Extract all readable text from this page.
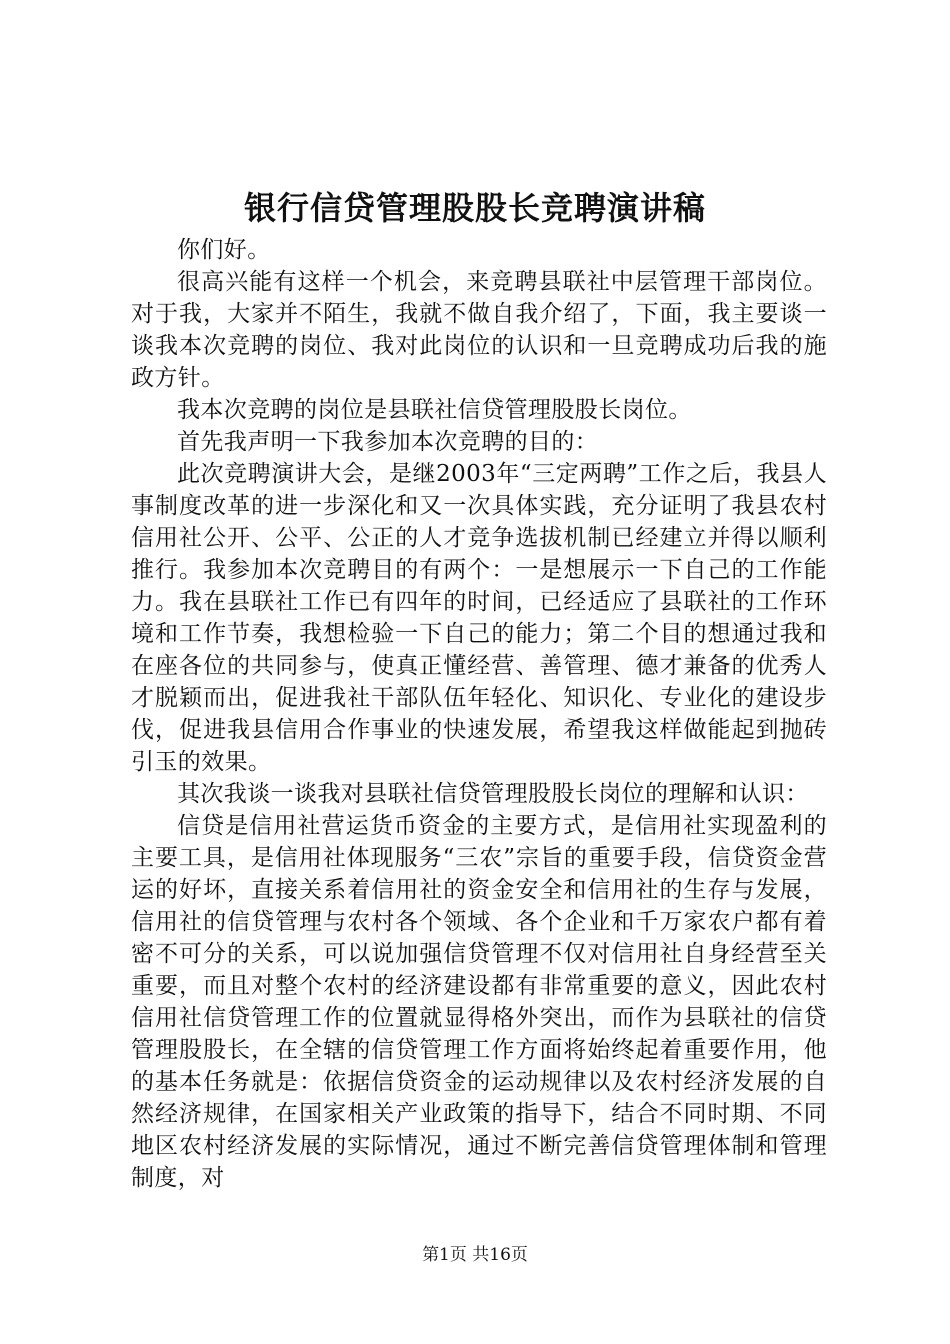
银行信贷管理股股长竞聘演讲稿

你们好。

很高兴能有这样一个机会，来竞聘县联社中层管理干部岗位。对于我，大家并不陌生，我就不做自我介绍了，下面，我主要谈一谈我本次竞聘的岗位、我对此岗位的认识和一旦竞聘成功后我的施政方针。

我本次竞聘的岗位是县联社信贷管理股股长岗位。

首先我声明一下我参加本次竞聘的目的：

此次竞聘演讲大会，是继2003年“三定两聘”工作之后，我县人事制度改革的进一步深化和又一次具体实践，充分证明了我县农村信用社公开、公平、公正的人才竞争选拔机制已经建立并得以顺利推行。我参加本次竞聘目的有两个：一是想展示一下自己的工作能力。我在县联社工作已有四年的时间，已经适应了县联社的工作环境和工作节奏，我想检验一下自己的能力；第二个目的想通过我和在座各位的共同参与，使真正懂经营、善管理、德才兼备的优秀人才脱颖而出，促进我社干部队伍年轻化、知识化、专业化的建设步伐，促进我县信用合作事业的快速发展，希望我这样做能起到抛砖引玉的效果。

其次我谈一谈我对县联社信贷管理股股长岗位的理解和认识：

信贷是信用社营运货币资金的主要方式，是信用社实现盈利的主要工具，是信用社体现服务“三农”宗旨的重要手段，信贷资金营运的好坏，直接关系着信用社的资金安全和信用社的生存与发展，信用社的信贷管理与农村各个领域、各个企业和千万家农户都有着密不可分的关系，可以说加强信贷管理不仅对信用社自身经营至关重要，而且对整个农村的经济建设都有非常重要的意义，因此农村信用社信贷管理工作的位置就显得格外突出，而作为县联社的信贷管理股股长，在全辖的信贷管理工作方面将始终起着重要作用，他的基本任务就是：依据信贷资金的运动规律以及农村经济发展的自然经济规律，在国家相关产业政策的指导下，结合不同时期、不同地区农村经济发展的实际情况，通过不断完善信贷管理体制和管理制度，对

第1页 共16页
